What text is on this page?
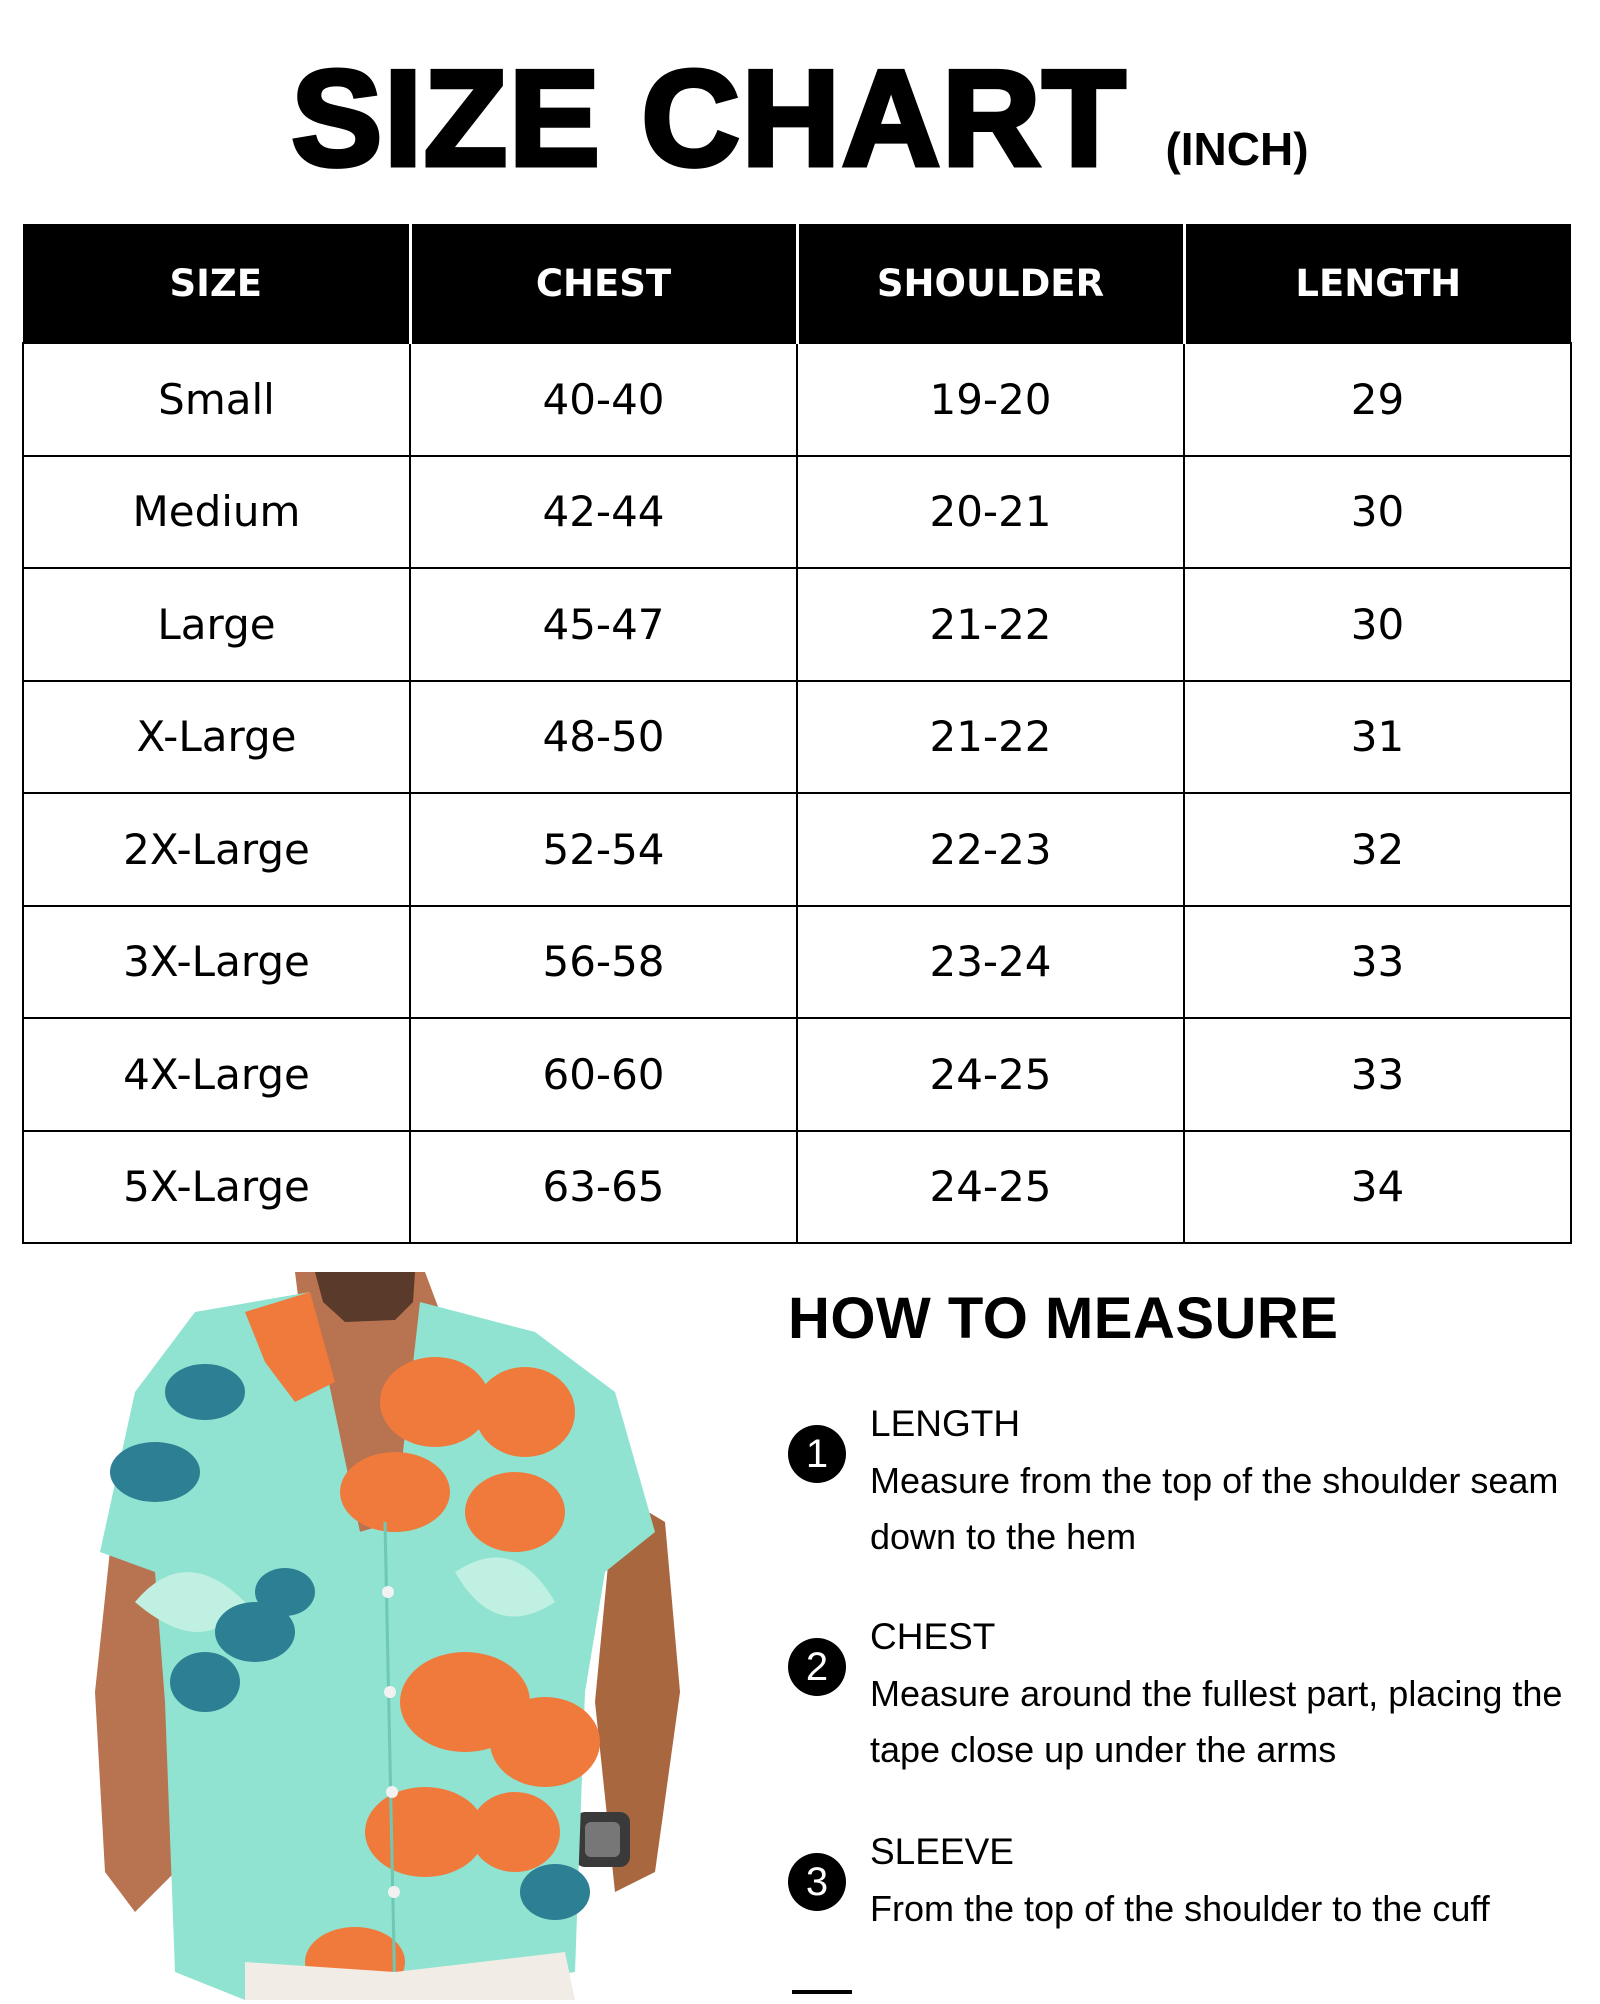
SIZE CHART (INCH)
SIZE	CHEST	SHOULDER	LENGTH
Small	40-40	19-20	29
Medium	42-44	20-21	30
Large	45-47	21-22	30
X-Large	48-50	21-22	31
2X-Large	52-54	22-23	32
3X-Large	56-58	23-24	33
4X-Large	60-60	24-25	33
5X-Large	63-65	24-25	34
HOW TO MEASURE
1
LENGTH
Measure from the top of the shoulder seam down to the hem
2
CHEST
Measure around the fullest part, placing the tape close up under the arms
3
SLEEVE
From the top of the shoulder to the cuff
